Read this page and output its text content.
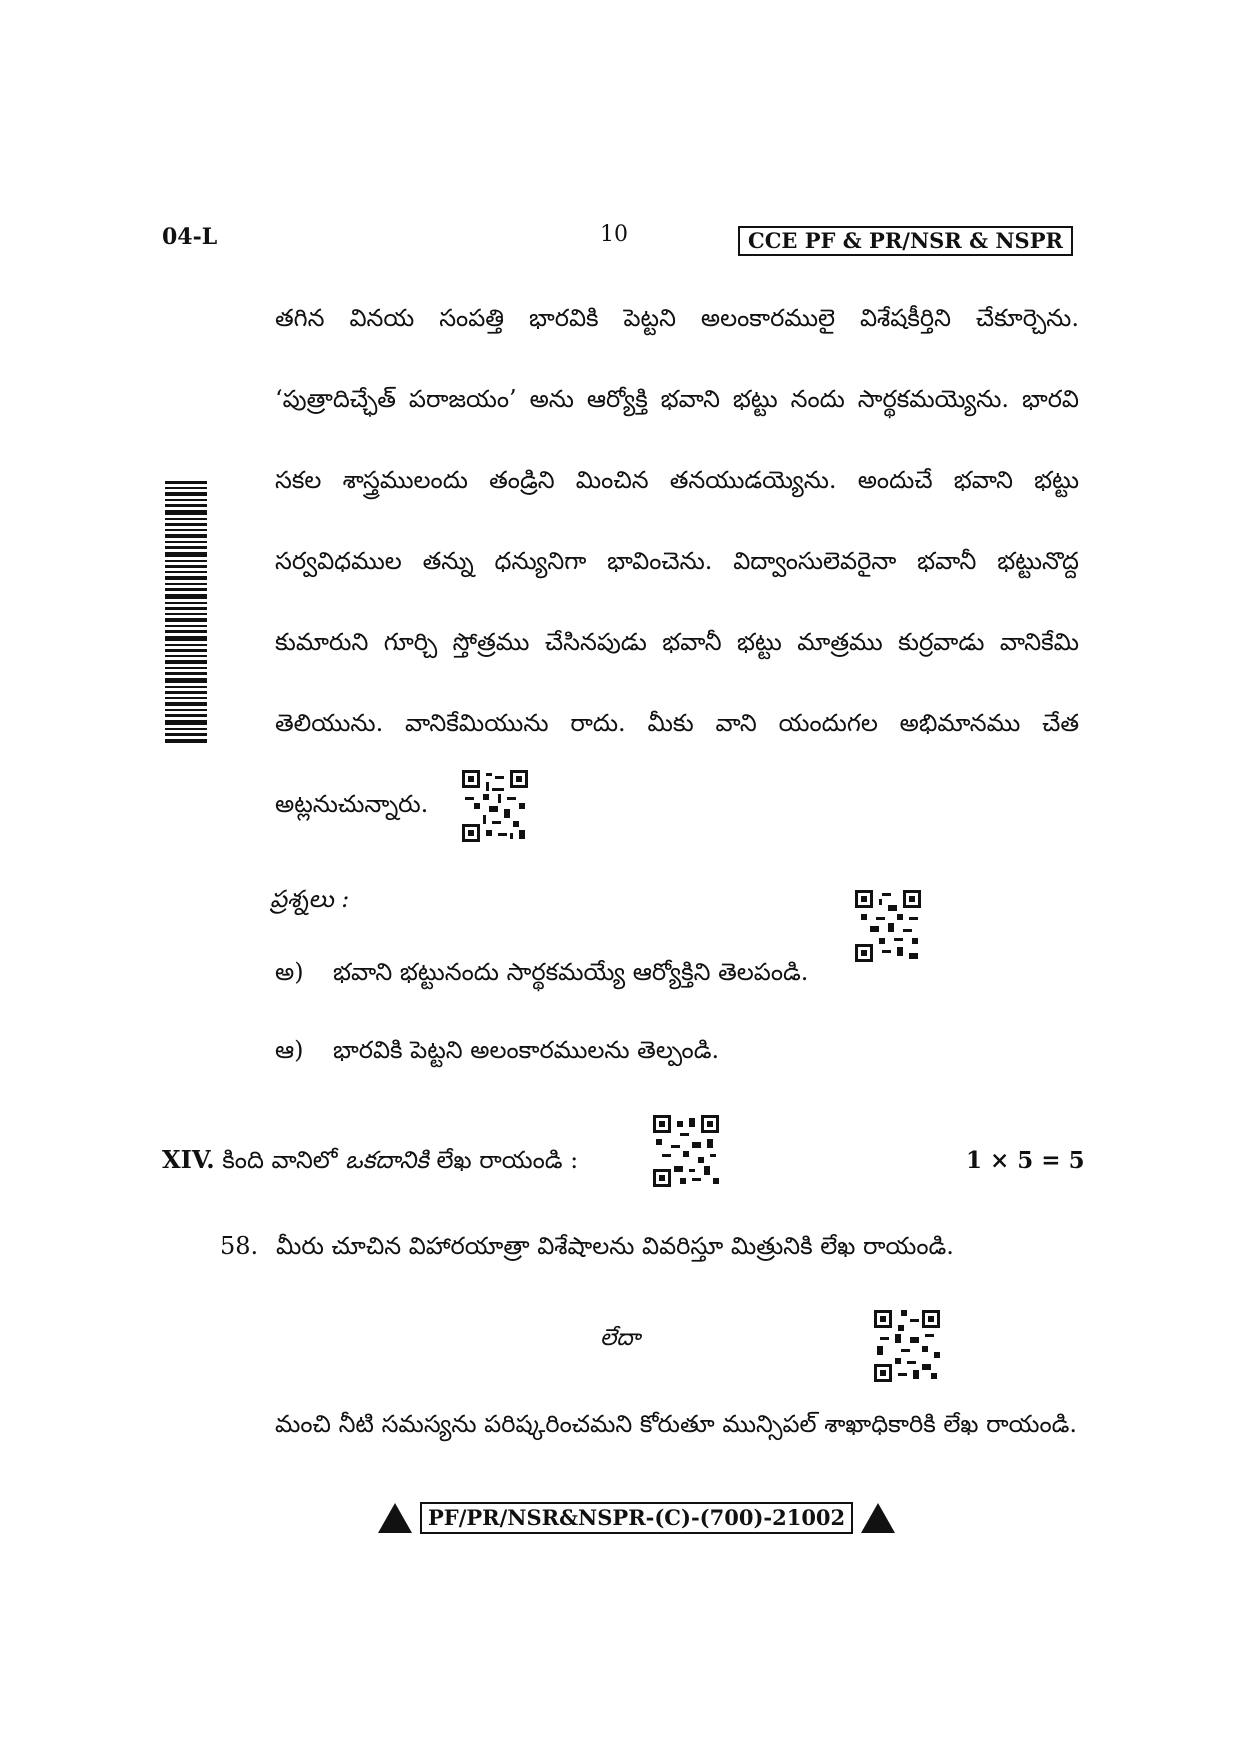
04-L	10	CCE PF & PR/NSR & NSPR
తగిన వినయ సంపత్తి భారవికి పెట్టని అలంకారములై విశేషకీర్తిని చేకూర్చెను.
‘పుత్రాదిచ్ఛేత్ పరాజయం’ అను ఆర్యోక్తి భవాని భట్టు నందు సార్థకమయ్యెను. భారవి
సకల శాస్త్రములందు తండ్రిని మించిన తనయుడయ్యెను. అందుచే భవాని భట్టు
సర్వవిధముల తన్ను ధన్యునిగా భావించెను. విద్వాంసులెవరైనా భవానీ భట్టునొద్ద
కుమారుని గూర్చి స్తోత్రము చేసినపుడు భవానీ భట్టు మాత్రము కుర్రవాడు వానికేమి
తెలియును. వానికేమియును రాదు. మీకు వాని యందుగల అభిమానము చేత
అట్లనుచున్నారు.
ప్రశ్నలు :
అ) భవాని భట్టునందు సార్థకమయ్యే ఆర్యోక్తిని తెలపండి.
ఆ) భారవికి పెట్టని అలంకారములను తెల్పండి.
XIV. కింది వానిలో ఒకదానికి లేఖ రాయండి :	1 × 5 = 5
58. మీరు చూచిన విహారయాత్రా విశేషాలను వివరిస్తూ మిత్రునికి లేఖ రాయండి.
లేదా
మంచి నీటి సమస్యను పరిష్కరించమని కోరుతూ మున్సిపల్ శాఖాధికారికి లేఖ రాయండి.
PF/PR/NSR&NSPR-(C)-(700)-21002
